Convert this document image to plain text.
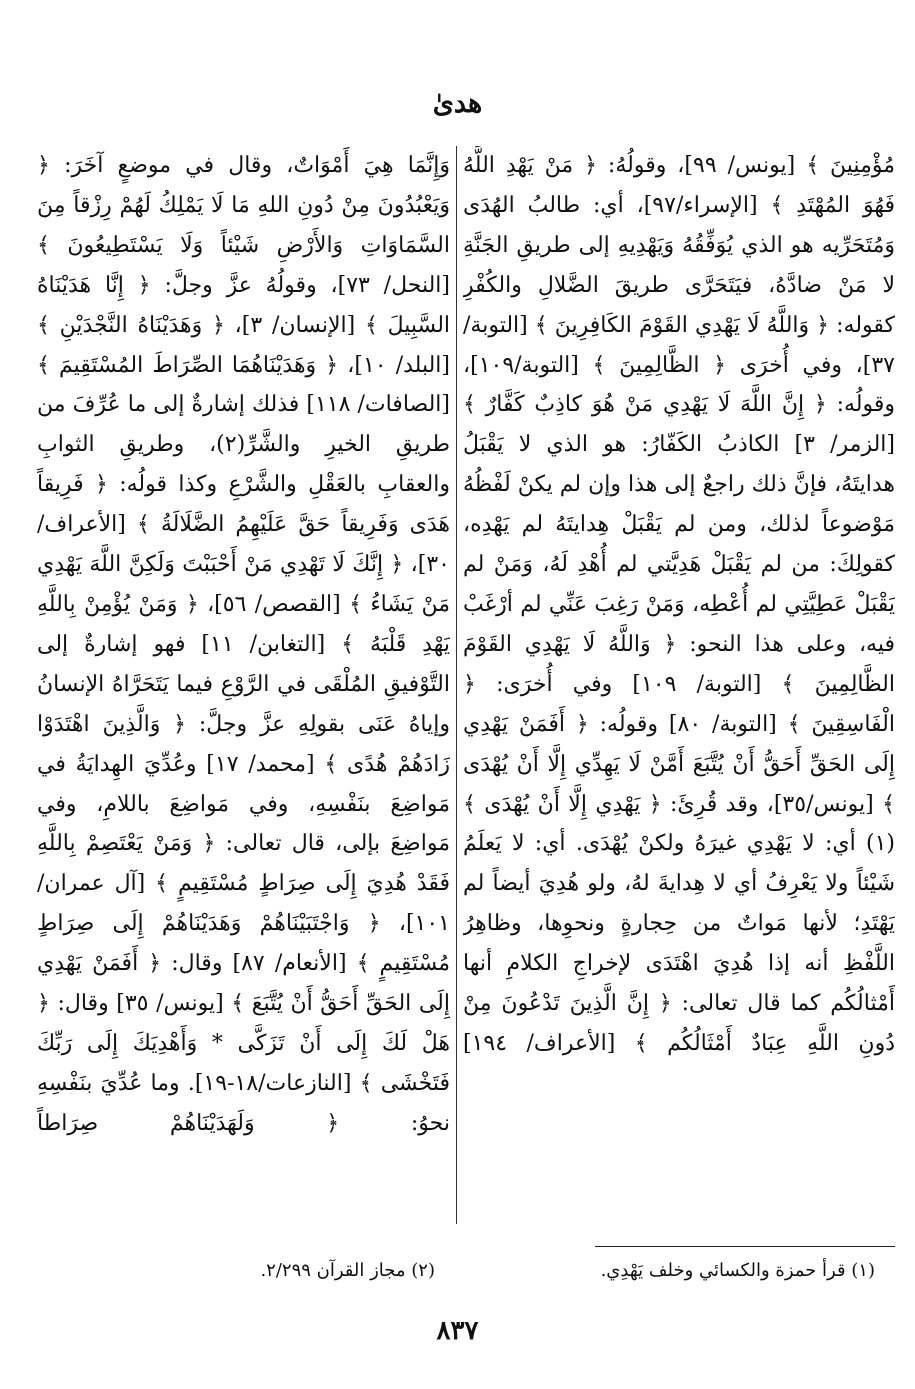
هدىٰ

مُؤْمِنِينَ ﴾ [يونس/ ٩٩]، وقولُهُ: ﴿ مَنْ يَهْدِ اللَّهُ فَهُوَ المُهْتَدِ ﴾ [الإسراء/٩٧]، أي: طالبُ الهُدَى وَمُتَحَرِّيه هو الذي يُوَفِّقُهُ وَيَهْدِيهِ إلى طريقِ الجَنَّةِ لا مَنْ ضادَّهُ، فيَتَحَرَّى طريقَ الضَّلالِ والكُفْرِ كقوله: ﴿ وَاللَّهُ لَا يَهْدِي القَوْمَ الكَافِرِينَ ﴾ [التوبة/ ٣٧]، وفي أُخرَى ﴿ الظَّالِمِينَ ﴾ [التوبة/١٠٩]، وقولُه: ﴿ إِنَّ اللَّهَ لَا يَهْدِي مَنْ هُوَ كاذِبٌ كَفَّارٌ ﴾ [الزمر/ ٣] الكاذبُ الكَفّارُ: هو الذي لا يَقْبَلُ هدايتَهُ، فإنَّ ذلك راجعٌ إلى هذا وإن لم يكنْ لَفْظُهُ مَوْضوعاً لذلك، ومن لم يَقْبَلْ هِدايتَهُ لم يَهْدِه، كقولِكَ: من لم يَقْبَلْ هَدِيَّتي لم أُهْدِ لَهُ، وَمَنْ لم يَقْبَلْ عَطِيَّتِي لم أُعْطِه، وَمَنْ رَغِبَ عَنِّي لم أرْغَبْ فيه، وعلى هذا النحو: ﴿ وَاللَّهُ لَا يَهْدِي القَوْمَ الظَّالِمِينَ ﴾ [التوبة/ ١٠٩] وفي أُخرَى: ﴿ الْفَاسِقِينَ ﴾ [التوبة/ ٨٠] وقولُه: ﴿ أَفَمَنْ يَهْدِي إِلَى الحَقِّ أَحَقُّ أَنْ يُتَّبَعَ أَمَّنْ لَا يَهِدِّي إِلَّا أَنْ يُهْدَى ﴾ [يونس/٣٥]، وقد قُرِئَ: ﴿ يَهْدِي إِلَّا أَنْ يُهْدَى ﴾(١) أي: لا يَهْدِي غيرَهُ ولكنْ يُهْدَى. أي: لا يَعلَمُ شَيْئاً ولا يَعْرِفُ أي لا هِدايةَ لهُ، ولو هُدِيَ أيضاً لم يَهْتَدِ؛ لأنها مَواتٌ من حِجارةٍ ونحوِها، وظاهِرُ اللَّفْظِ أنه إذا هُدِيَ اهْتَدَى لإخراجِ الكلامِ أنها أَمْثالُكُم كما قال تعالى: ﴿ إِنَّ الَّذِينَ تَدْعُونَ مِنْ دُونِ اللَّهِ عِبَادٌ أَمْثَالُكُم ﴾ [الأعراف/ ١٩٤]

وَإِنَّمَا هِيَ أَمْوَاتٌ، وقال في موضعٍ آخَرَ: ﴿ وَيَعْبُدُونَ مِنْ دُونِ اللهِ مَا لَا يَمْلِكُ لَهُمْ رِزْقاً مِنَ السَّمَاوَاتِ وَالأَرْضِ شَيْئاً وَلَا يَسْتَطِيعُونَ ﴾ [النحل/ ٧٣]، وقولُهُ عزَّ وجلَّ: ﴿ إِنَّا هَدَيْنَاهُ السَّبِيلَ ﴾ [الإنسان/ ٣]، ﴿ وَهَدَيْنَاهُ النَّجْدَيْنِ ﴾ [البلد/ ١٠]، ﴿ وَهَدَيْنَاهُمَا الصِّرَاطَ المُسْتَقِيمَ ﴾ [الصافات/ ١١٨] فذلك إشارةٌ إلى ما عُرِّفَ من طريقِ الخيرِ والشَّرِّ(٢)، وطريقِ الثوابِ والعقابِ بالعَقْلِ والشَّرْعِ وكذا قولُه: ﴿ فَرِيقاً هَدَى وَفَرِيقاً حَقَّ عَلَيْهِمُ الضَّلَالَةُ ﴾ [الأعراف/ ٣٠]، ﴿ إِنَّكَ لَا تَهْدِي مَنْ أَحْبَبْتَ وَلَكِنَّ اللَّهَ يَهْدِي مَنْ يَشَاءُ ﴾ [القصص/ ٥٦]، ﴿ وَمَنْ يُؤْمِنْ بِاللَّهِ يَهْدِ قَلْبَهُ ﴾ [التغابن/ ١١] فهو إشارةٌ إلى التَّوْفيقِ المُلْقَى في الرَّوْعِ فيما يَتَحَرَّاهُ الإنسانُ وإياهُ عَنَى بقولِهِ عزَّ وجلَّ: ﴿ وَالَّذِينَ اهْتَدَوْا زَادَهُمْ هُدًى ﴾ [محمد/ ١٧] وعُدِّيَ الهِدايَةُ في مَواضِعَ بنَفْسِهِ، وفي مَواضِعَ باللامِ، وفي مَواضِعَ بإلى، قال تعالى: ﴿ وَمَنْ يَعْتَصِمْ بِاللَّهِ فَقَدْ هُدِيَ إِلَى صِرَاطٍ مُسْتَقِيمٍ ﴾ [آل عمران/ ١٠١]، ﴿ وَاجْتَبَيْنَاهُمْ وَهَدَيْنَاهُمْ إِلَى صِرَاطٍ مُسْتَقِيمٍ ﴾ [الأنعام/ ٨٧] وقال: ﴿ أَفَمَنْ يَهْدِي إِلَى الحَقِّ أَحَقُّ أَنْ يُتَّبَعَ ﴾ [يونس/ ٣٥] وقال: ﴿ هَلْ لَكَ إِلَى أَنْ تَزَكَّى * وَأَهْدِيَكَ إِلَى رَبِّكَ فَتَخْشَى ﴾ [النازعات/١٨-١٩]. وما عُدِّيَ بنَفْسِهِ نحوُ: ﴿ وَلَهَدَيْنَاهُمْ صِرَاطاً

(١) قرأ حمزة والكسائي وخلف يَهْدِي.
(٢) مجاز القرآن ٢/٢٩٩.
٨٣٧
